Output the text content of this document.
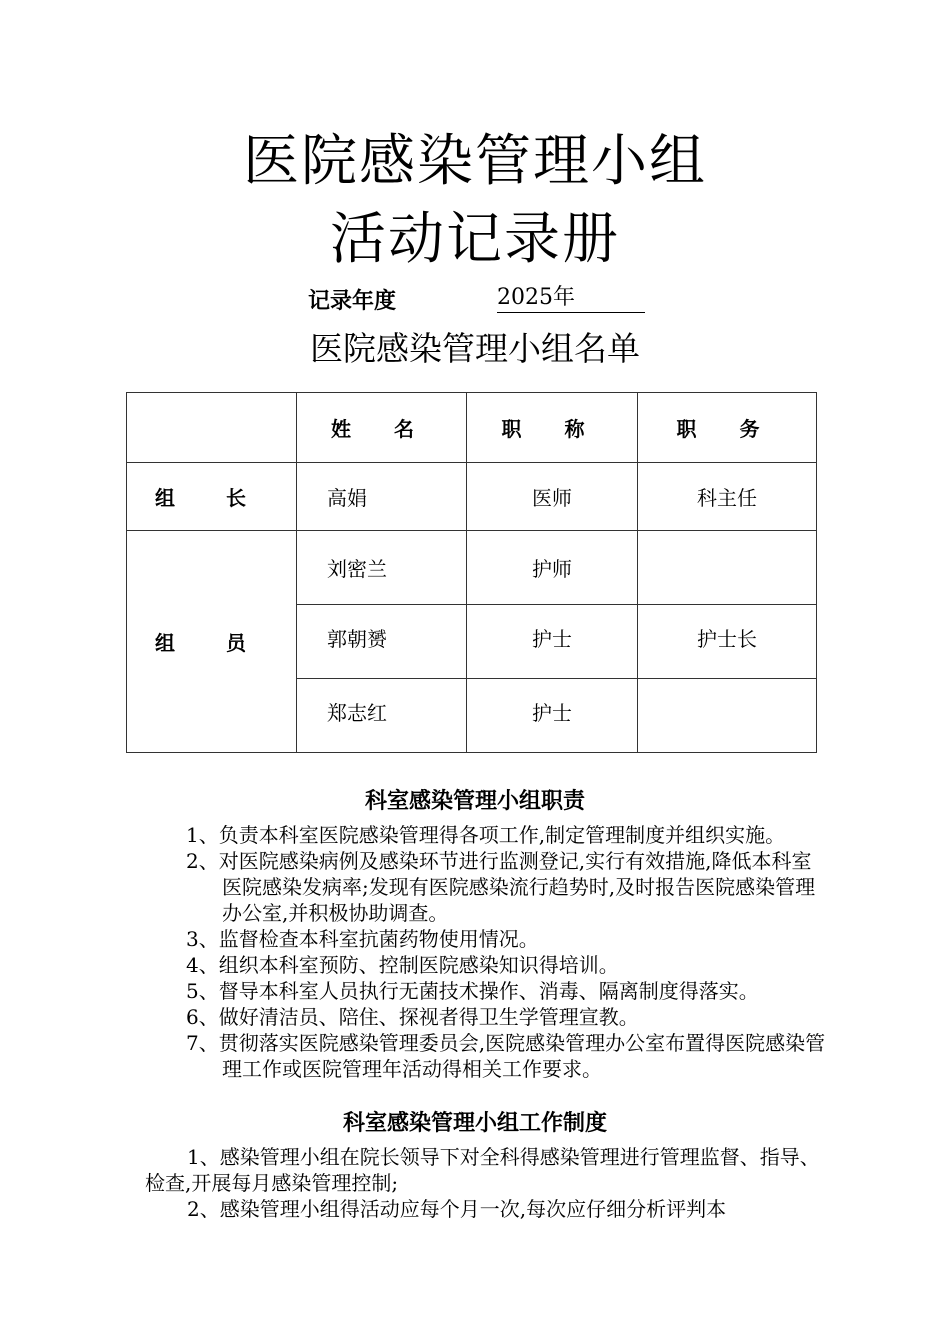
医院感染管理小组
活动记录册
记录年度	2025年
医院感染管理小组名单
	姓 名	职 称	职 务
组 长	高娟	医师	科主任
组 员	刘密兰	护师	
	郭朝赟	护士	护士长
	郑志红	护士	
科室感染管理小组职责
1、负责本科室医院感染管理得各项工作,制定管理制度并组织实施。
2、对医院感染病例及感染环节进行监测登记,实行有效措施,降低本科室医院感染发病率;发现有医院感染流行趋势时,及时报告医院感染管理办公室,并积极协助调查。
3、监督检查本科室抗菌药物使用情况。
4、组织本科室预防、控制医院感染知识得培训。
5、督导本科室人员执行无菌技术操作、消毒、隔离制度得落实。
6、做好清洁员、陪住、探视者得卫生学管理宣教。
7、贯彻落实医院感染管理委员会,医院感染管理办公室布置得医院感染管理工作或医院管理年活动得相关工作要求。
科室感染管理小组工作制度

1、感染管理小组在院长领导下对全科得感染管理进行管理监督、指导、检查,开展每月感染管理控制;

2、感染管理小组得活动应每个月一次,每次应仔细分析评判本
